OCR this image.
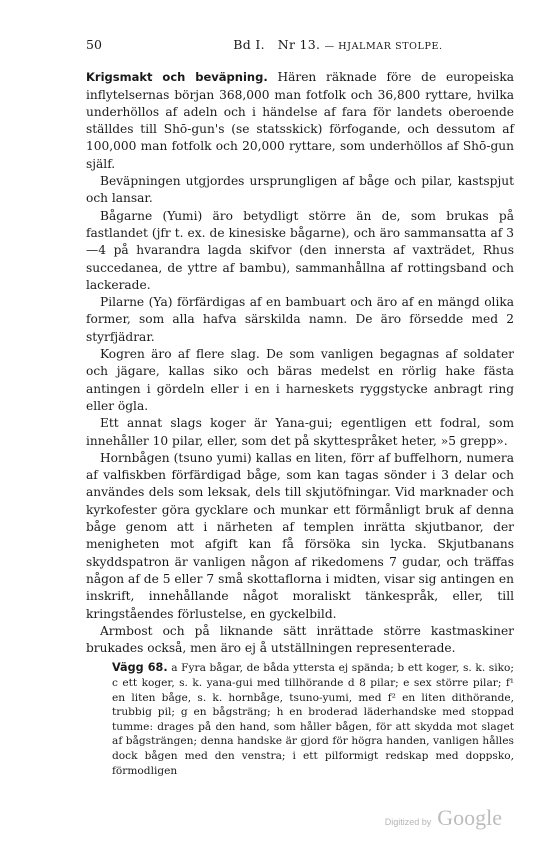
50	Bd I. Nr 13. — HJALMAR STOLPE.

Krigsmakt och beväpning. Hären räknade före de europeiska inflytelsernas början 368,000 man fotfolk och 36,800 ryttare, hvilka underhöllos af adeln och i händelse af fara för landets oberoende ställdes till Shō-gun's (se statsskick) förfogande, och dessutom af 100,000 man fotfolk och 20,000 ryttare, som underhöllos af Shō-gun själf.

Beväpningen utgjordes ursprungligen af båge och pilar, kastspjut och lansar.

Bågarne (Yumi) äro betydligt större än de, som brukas på fastlandet (jfr t. ex. de kinesiske bågarne), och äro sammansatta af 3—4 på hvarandra lagda skifvor (den innersta af vaxträdet, Rhus succedanea, de yttre af bambu), sammanhållna af rottingsband och lackerade.

Pilarne (Ya) förfärdigas af en bambuart och äro af en mängd olika former, som alla hafva särskilda namn. De äro försedde med 2 styrfjädrar.

Kogren äro af flere slag. De som vanligen begagnas af soldater och jägare, kallas siko och bäras medelst en rörlig hake fästa antingen i gördeln eller i en i harneskets ryggstycke anbragt ring eller ögla.

Ett annat slags koger är Yana-gui; egentligen ett fodral, som innehåller 10 pilar, eller, som det på skyttespråket heter, »5 grepp».

Hornbågen (tsuno yumi) kallas en liten, förr af buffelhorn, numera af valfiskben förfärdigad båge, som kan tagas sönder i 3 delar och användes dels som leksak, dels till skjutöfningar. Vid marknader och kyrkofester göra gycklare och munkar ett förmånligt bruk af denna båge genom att i närheten af templen inrätta skjutbanor, der menigheten mot afgift kan få försöka sin lycka. Skjutbanans skyddspatron är vanligen någon af rikedomens 7 gudar, och träffas någon af de 5 eller 7 små skottaflorna i midten, visar sig antingen en inskrift, innehållande något moraliskt tänkespråk, eller, till kringståendes förlustelse, en gyckelbild.

Armbost och på liknande sätt inrättade större kastmaskiner brukades också, men äro ej å utställningen representerade.

Vägg 68. a Fyra bågar, de båda yttersta ej spända; b ett koger, s. k. siko; c ett koger, s. k. yana-gui med tillhörande d 8 pilar; e sex större pilar; f¹ en liten båge, s. k. hornbåge, tsuno-yumi, med f² en liten dithörande, trubbig pil; g en bågsträng; h en broderad läderhandske med stoppad tumme: drages på den hand, som håller bågen, för att skydda mot slaget af bågsträngen; denna handske är gjord för högra handen, vanligen hålles dock bågen med den venstra; i ett pilformigt redskap med doppsko, förmodligen

Digitized by Google
